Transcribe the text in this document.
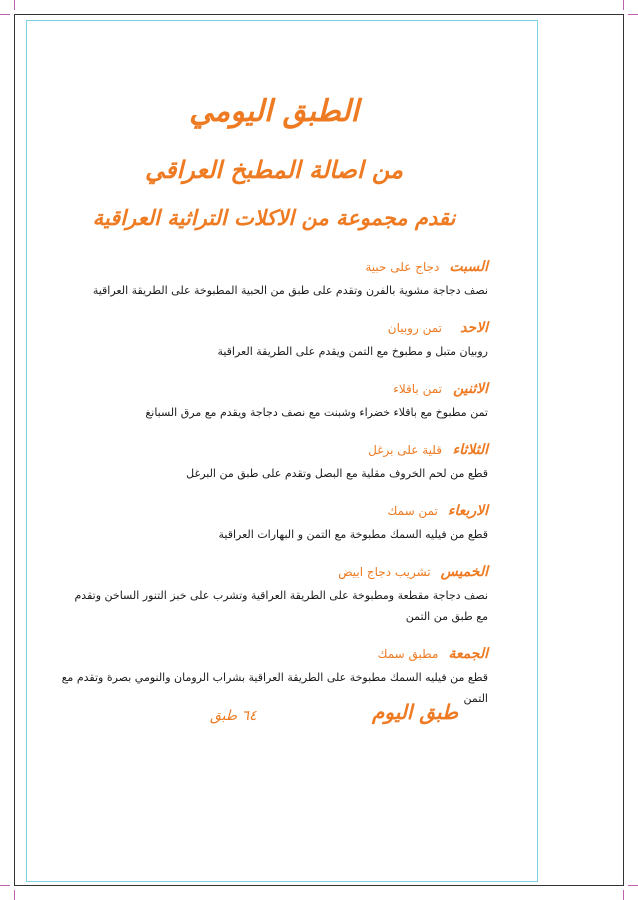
الطبق اليومي
من اصالة المطبخ العراقي
نقدم مجموعة من الاكلات التراثية العراقية
السبت
دجاج على حبية
نصف دجاجة مشوية بالفرن وتقدم على طبق من الحبية المطبوخة على الطريقة العراقية
الاحد
تمن روبيان
روبيان متبل و مطبوخ مع التمن ويقدم على الطريقة العراقية
الاثنين
تمن باقلاء
تمن مطبوخ مع باقلاء خضراء وشبنت مع نصف دجاجة ويقدم مع مرق السبانغ
الثلاثاء
قلية على برغل
قطع من لحم الخروف مقلية مع البصل وتقدم على طبق من البرغل
الاربعاء
تمن سمك
قطع من فيليه السمك مطبوخة مع التمن و البهارات العراقية
الخميس
تشريب دجاج ابيض
نصف دجاجة مقطعة ومطبوخة على الطريقة العراقية وتشرب على خبز التنور الساخن وتقدم مع طبق من التمن
الجمعة
مطبق سمك
قطع من فيليه السمك مطبوخة على الطريقة العراقية بشراب الرومان والنومي بصرة وتقدم مع التمن
طبق اليوم
٦٤ طبق
